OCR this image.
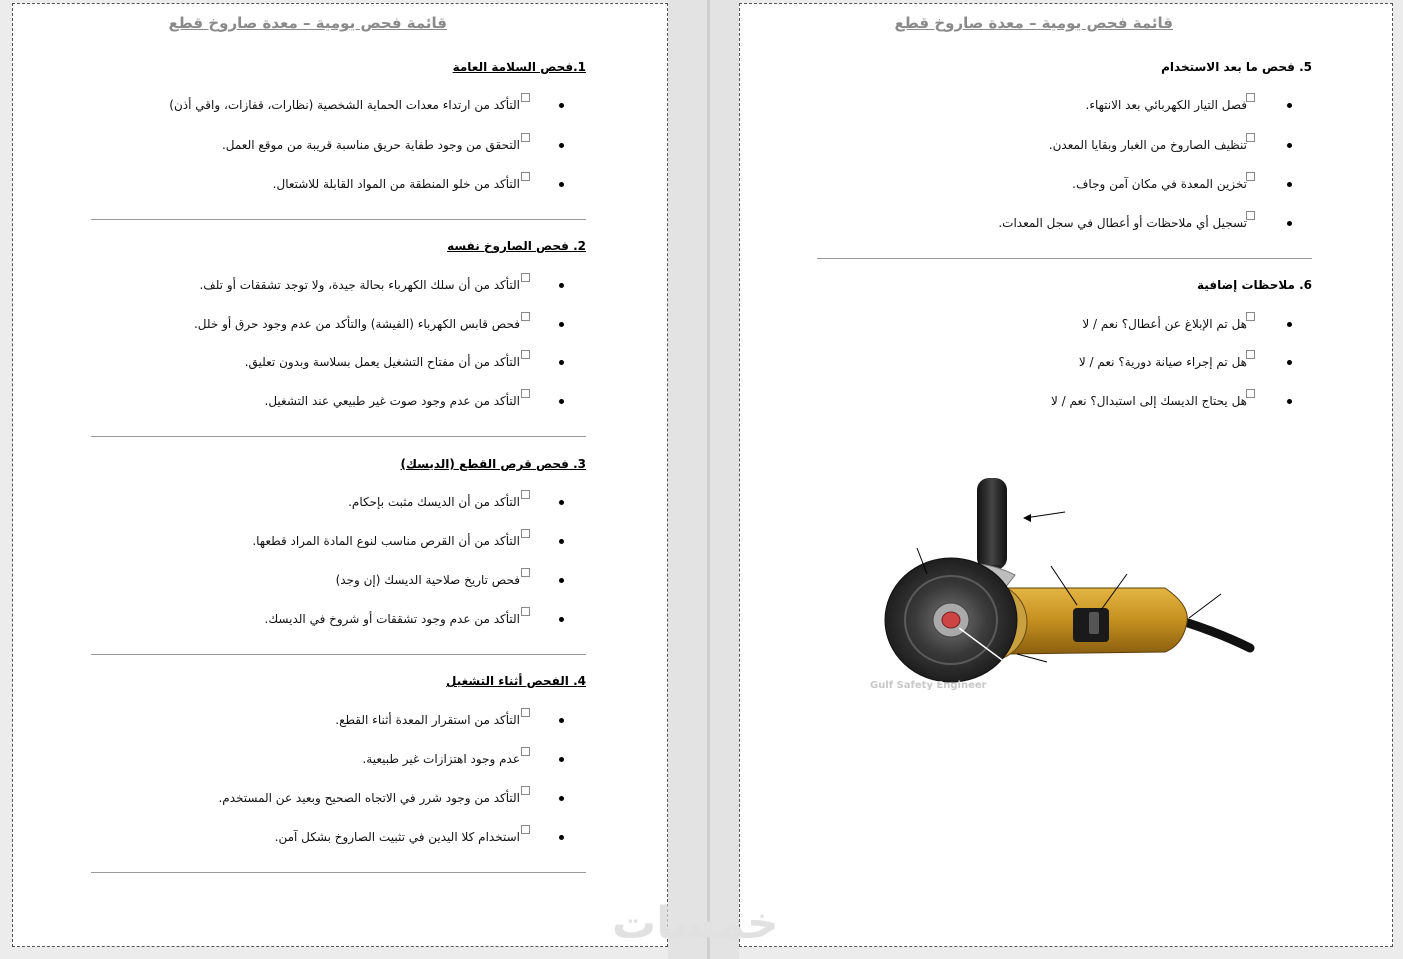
قائمة فحص يومية – معدة صاروخ قطع	قائمة فحص يومية – معدة صاروخ قطع
1.فحص السلامة العامة
التأكد من ارتداء معدات الحماية الشخصية (نظارات، قفازات، واقي أذن)
التحقق من وجود طفاية حريق مناسبة قريبة من موقع العمل.
التأكد من خلو المنطقة من المواد القابلة للاشتعال.
2. فحص الصاروخ نفسه
التأكد من أن سلك الكهرباء بحالة جيدة، ولا توجد تشققات أو تلف.
فحص قابس الكهرباء (الفيشة) والتأكد من عدم وجود حرق أو خلل.
التأكد من أن مفتاح التشغيل يعمل بسلاسة وبدون تعليق.
التأكد من عدم وجود صوت غير طبيعي عند التشغيل.
3. فحص قرص القطع (الديسك)
التأكد من أن الديسك مثبت بإحكام.
التأكد من أن القرص مناسب لنوع المادة المراد قطعها.
فحص تاريخ صلاحية الديسك (إن وجد)
التأكد من عدم وجود تشققات أو شروخ في الديسك.
4. الفحص أثناء التشغيل
التأكد من استقرار المعدة أثناء القطع.
عدم وجود اهتزازات غير طبيعية.
التأكد من وجود شرر في الاتجاه الصحيح وبعيد عن المستخدم.
استخدام كلا اليدين في تثبيت الصاروخ بشكل آمن.
5. فحص ما بعد الاستخدام
فصل التيار الكهربائي بعد الانتهاء.
تنظيف الصاروخ من الغبار وبقايا المعدن.
تخزين المعدة في مكان آمن وجاف.
تسجيل أي ملاحظات أو أعطال في سجل المعدات.
6. ملاحظات إضافية
هل تم الإبلاغ عن أعطال؟ نعم / لا
هل تم إجراء صيانة دورية؟ نعم / لا
هل يحتاج الديسك إلى استبدال؟ نعم / لا
Gulf Safety Engineer
خمسات
